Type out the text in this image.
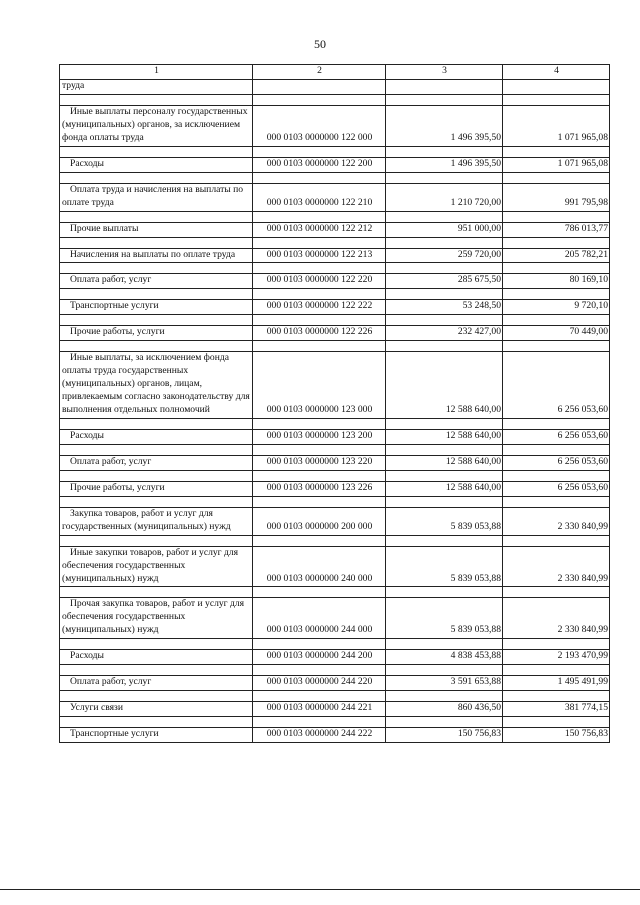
50
1	2	3	4
труда			

Иные выплаты персоналу государственных (муниципальных) органов, за исключением фонда оплаты труда	000 0103 0000000 122 000	1 496 395,50	1 071 965,08

Расходы	000 0103 0000000 122 200	1 496 395,50	1 071 965,08

Оплата труда и начисления на выплаты по оплате труда	000 0103 0000000 122 210	1 210 720,00	991 795,98

Прочие выплаты	000 0103 0000000 122 212	951 000,00	786 013,77

Начисления на выплаты по оплате труда	000 0103 0000000 122 213	259 720,00	205 782,21

Оплата работ, услуг	000 0103 0000000 122 220	285 675,50	80 169,10

Транспортные услуги	000 0103 0000000 122 222	53 248,50	9 720,10

Прочие работы, услуги	000 0103 0000000 122 226	232 427,00	70 449,00

Иные выплаты, за исключением фонда оплаты труда государственных (муниципальных) органов, лицам, привлекаемым согласно законодательству для выполнения отдельных полномочий	000 0103 0000000 123 000	12 588 640,00	6 256 053,60

Расходы	000 0103 0000000 123 200	12 588 640,00	6 256 053,60

Оплата работ, услуг	000 0103 0000000 123 220	12 588 640,00	6 256 053,60

Прочие работы, услуги	000 0103 0000000 123 226	12 588 640,00	6 256 053,60

Закупка товаров, работ и услуг для государственных (муниципальных) нужд	000 0103 0000000 200 000	5 839 053,88	2 330 840,99

Иные закупки товаров, работ и услуг для обеспечения государственных (муниципальных) нужд	000 0103 0000000 240 000	5 839 053,88	2 330 840,99

Прочая закупка товаров, работ и услуг для обеспечения государственных (муниципальных) нужд	000 0103 0000000 244 000	5 839 053,88	2 330 840,99

Расходы	000 0103 0000000 244 200	4 838 453,88	2 193 470,99

Оплата работ, услуг	000 0103 0000000 244 220	3 591 653,88	1 495 491,99

Услуги связи	000 0103 0000000 244 221	860 436,50	381 774,15

Транспортные услуги	000 0103 0000000 244 222	150 756,83	150 756,83
